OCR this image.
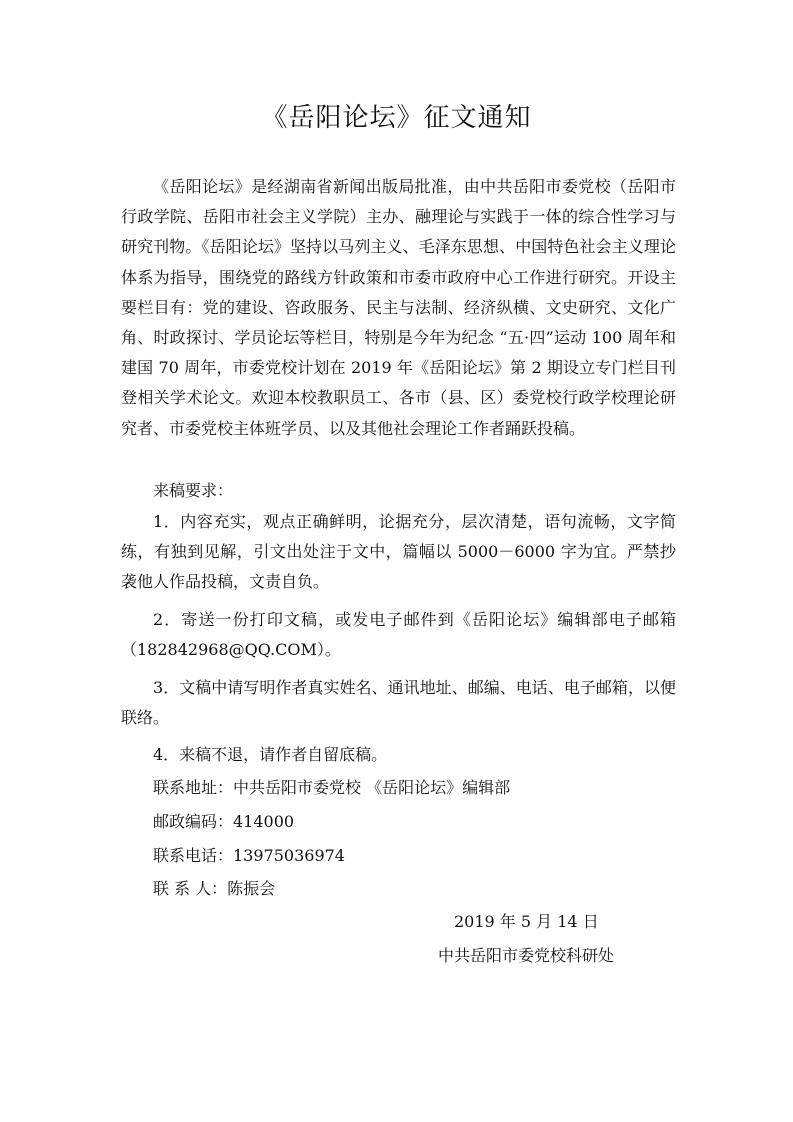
《岳阳论坛》征文通知

《岳阳论坛》是经湖南省新闻出版局批准，由中共岳阳市委党校（岳阳市行政学院、岳阳市社会主义学院）主办、融理论与实践于一体的综合性学习与研究刊物。《岳阳论坛》坚持以马列主义、毛泽东思想、中国特色社会主义理论体系为指导，围绕党的路线方针政策和市委市政府中心工作进行研究。开设主要栏目有：党的建设、咨政服务、民主与法制、经济纵横、文史研究、文化广角、时政探讨、学员论坛等栏目，特别是今年为纪念 “五·四”运动 100 周年和建国 70 周年，市委党校计划在 2019 年《岳阳论坛》第 2 期设立专门栏目刊登相关学术论文。欢迎本校教职员工、各市（县、区）委党校行政学校理论研究者、市委党校主体班学员、以及其他社会理论工作者踊跃投稿。

来稿要求：

1．内容充实，观点正确鲜明，论据充分，层次清楚，语句流畅，文字简练，有独到见解，引文出处注于文中，篇幅以 5000－6000 字为宜。严禁抄袭他人作品投稿，文责自负。

2．寄送一份打印文稿，或发电子邮件到《岳阳论坛》编辑部电子邮箱（182842968@QQ.COM）。

3．文稿中请写明作者真实姓名、通讯地址、邮编、电话、电子邮箱，以便联络。

4．来稿不退，请作者自留底稿。

联系地址：中共岳阳市委党校 《岳阳论坛》编辑部

邮政编码：414000

联系电话：13975036974

联 系 人：陈振会

2019 年 5 月 14 日

中共岳阳市委党校科研处
